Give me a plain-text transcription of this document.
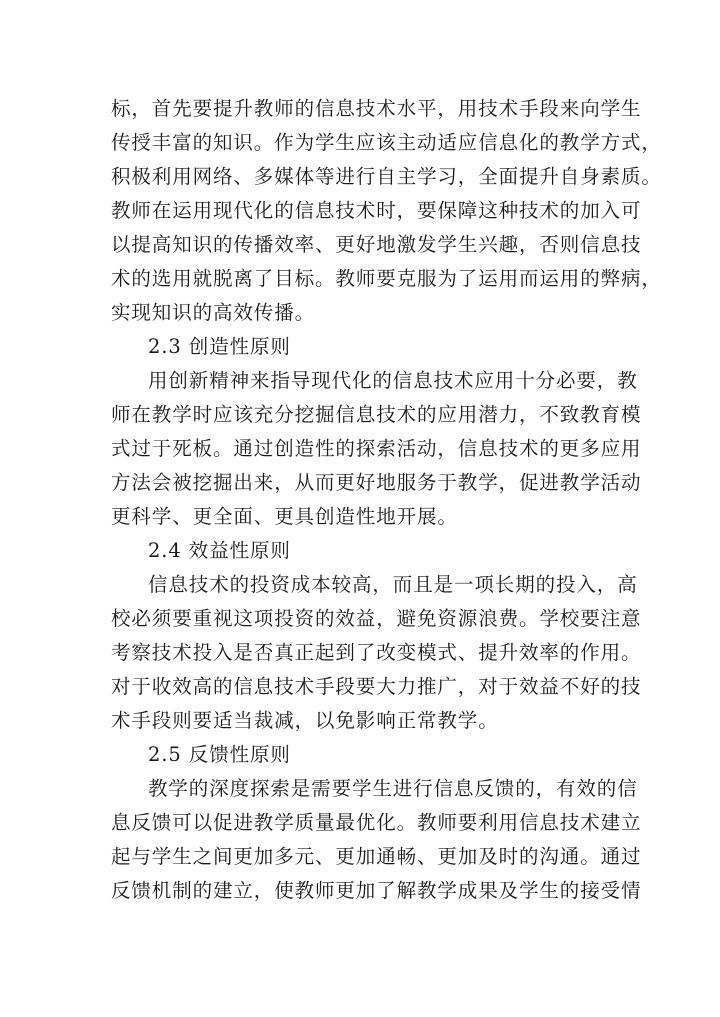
标，首先要提升教师的信息技术水平，用技术手段来向学生
传授丰富的知识。作为学生应该主动适应信息化的教学方式，
积极利用网络、多媒体等进行自主学习，全面提升自身素质。
教师在运用现代化的信息技术时，要保障这种技术的加入可
以提高知识的传播效率、更好地激发学生兴趣，否则信息技
术的选用就脱离了目标。教师要克服为了运用而运用的弊病，
实现知识的高效传播。
2.3 创造性原则
用创新精神来指导现代化的信息技术应用十分必要，教
师在教学时应该充分挖掘信息技术的应用潜力，不致教育模
式过于死板。通过创造性的探索活动，信息技术的更多应用
方法会被挖掘出来，从而更好地服务于教学，促进教学活动
更科学、更全面、更具创造性地开展。
2.4 效益性原则
信息技术的投资成本较高，而且是一项长期的投入，高
校必须要重视这项投资的效益，避免资源浪费。学校要注意
考察技术投入是否真正起到了改变模式、提升效率的作用。
对于收效高的信息技术手段要大力推广，对于效益不好的技
术手段则要适当裁减，以免影响正常教学。
2.5 反馈性原则
教学的深度探索是需要学生进行信息反馈的，有效的信
息反馈可以促进教学质量最优化。教师要利用信息技术建立
起与学生之间更加多元、更加通畅、更加及时的沟通。通过
反馈机制的建立，使教师更加了解教学成果及学生的接受情
